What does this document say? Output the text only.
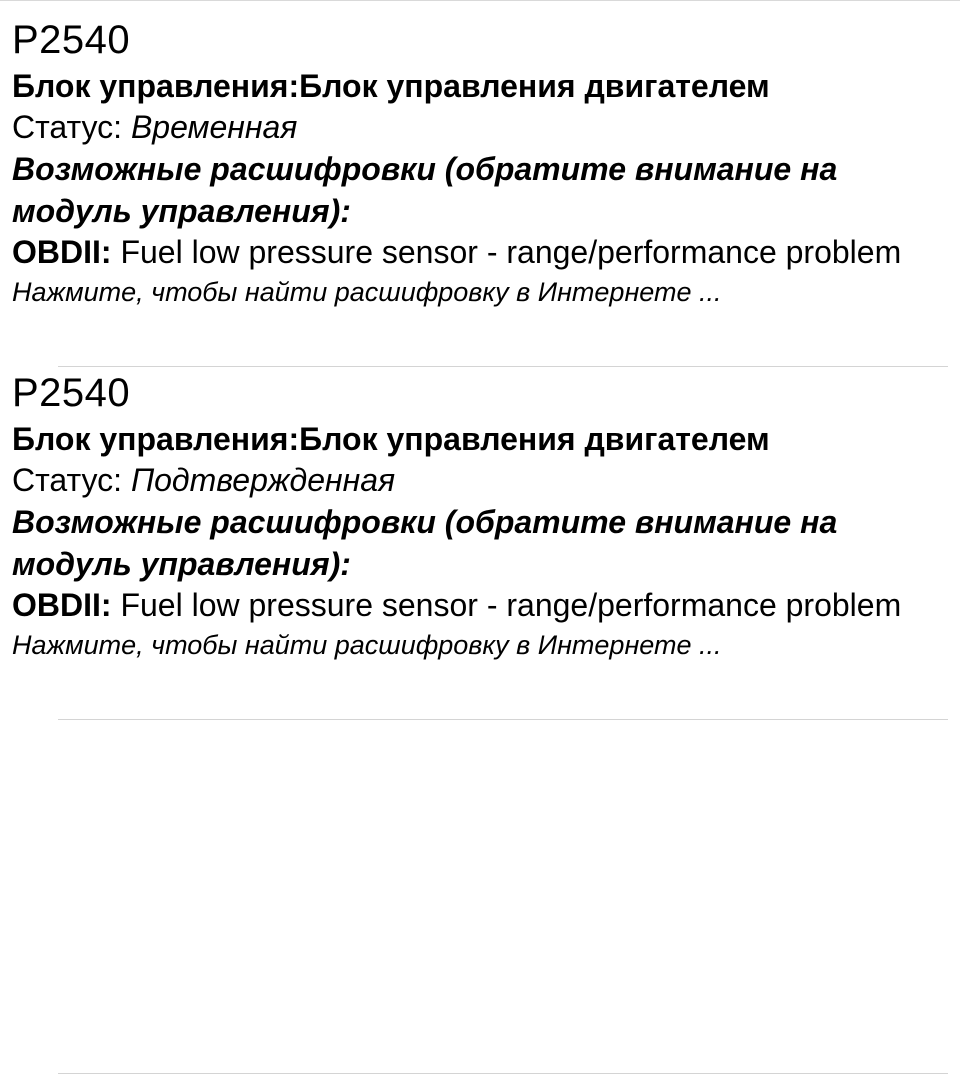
P2540
Блок управления:Блок управления двигателем
Статус: Временная
Возможные расшифровки (обратите внимание на модуль управления):
OBDII: Fuel low pressure sensor - range/performance problem
Нажмите, чтобы найти расшифровку в Интернете ...
P2540
Блок управления:Блок управления двигателем
Статус: Подтвержденная
Возможные расшифровки (обратите внимание на модуль управления):
OBDII: Fuel low pressure sensor - range/performance problem
Нажмите, чтобы найти расшифровку в Интернете ...
